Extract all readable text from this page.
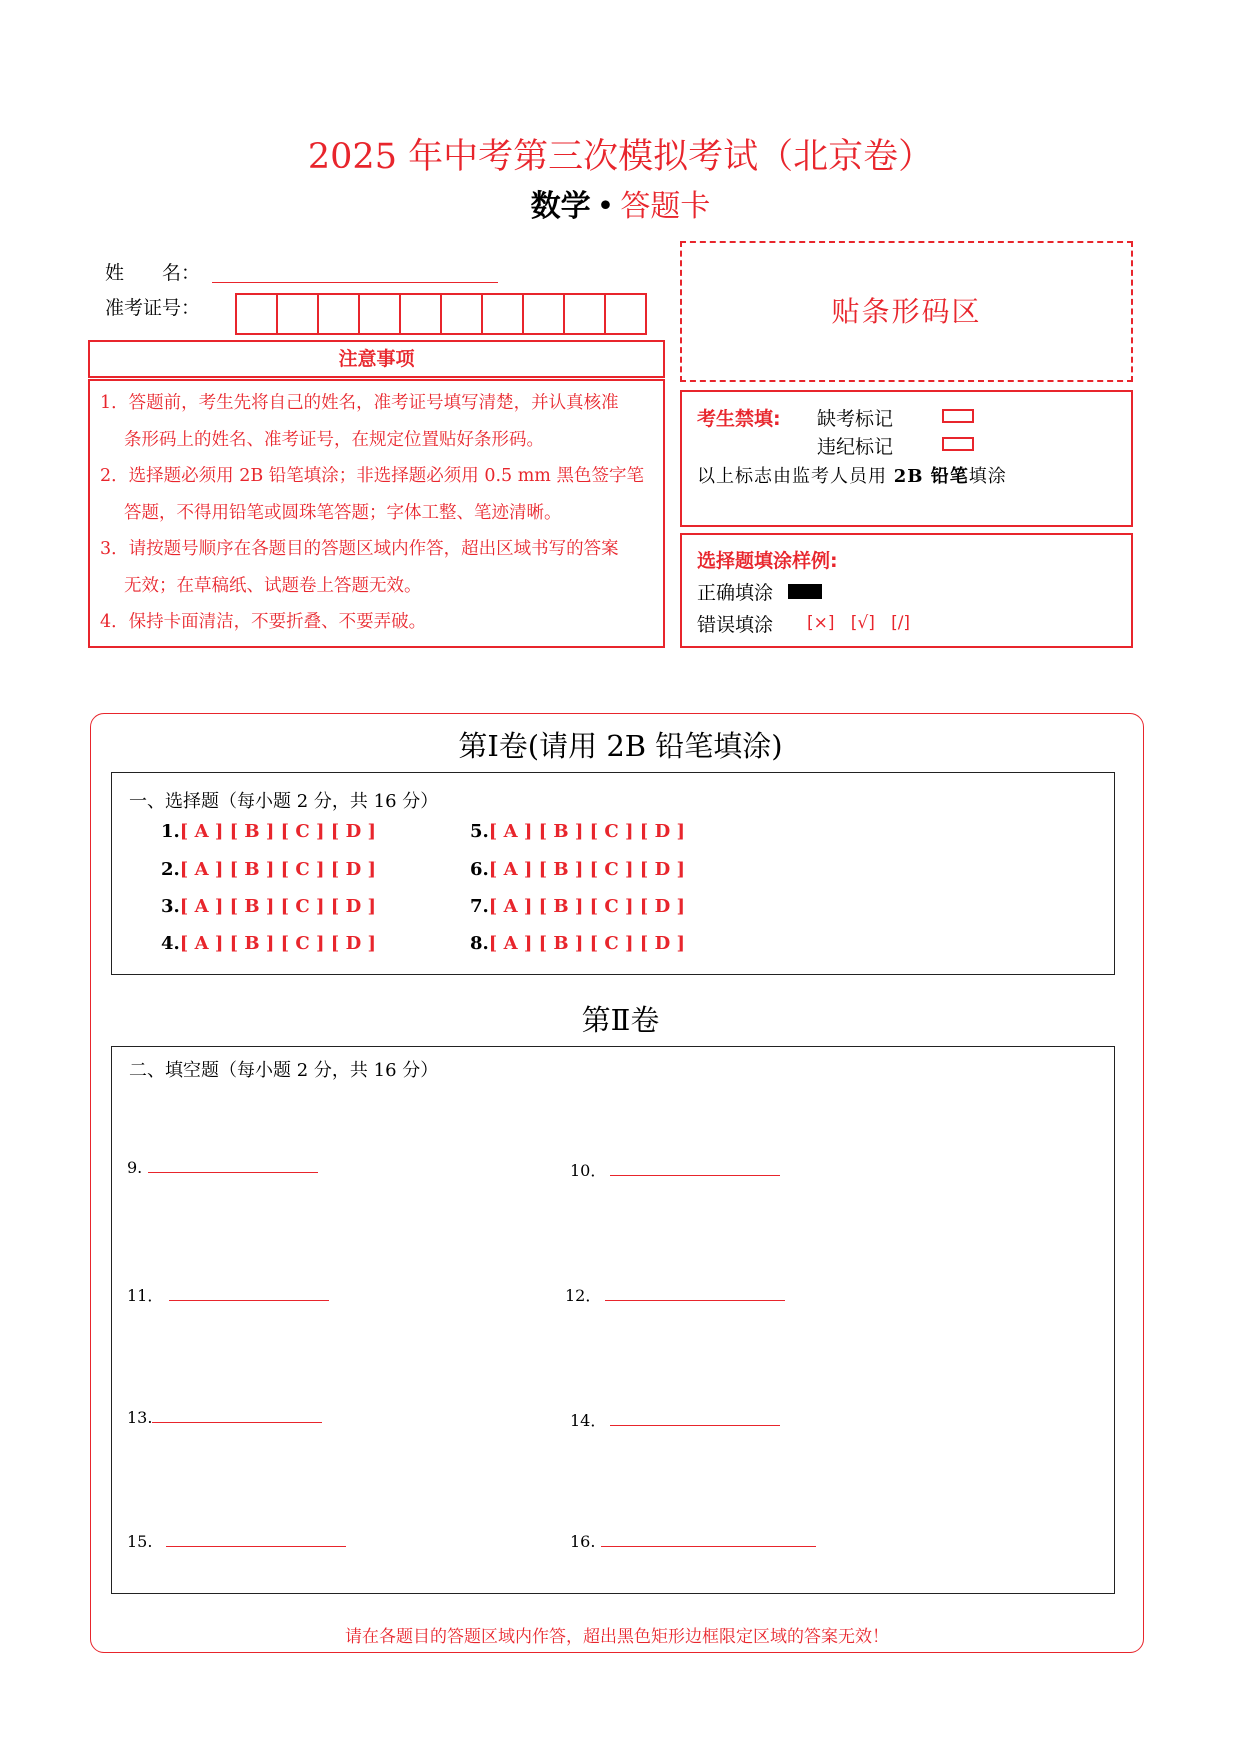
2025 年中考第三次模拟考试（北京卷）
数学 • 答题卡
姓　　名：
准考证号：
注意事项
1．答题前，考生先将自己的姓名，准考证号填写清楚，并认真核准
条形码上的姓名、准考证号，在规定位置贴好条形码。
2．选择题必须用 2B 铅笔填涂；非选择题必须用 0.5 mm 黑色签字笔
答题，不得用铅笔或圆珠笔答题；字体工整、笔迹清晰。
3．请按题号顺序在各题目的答题区域内作答，超出区域书写的答案
无效；在草稿纸、试题卷上答题无效。
4．保持卡面清洁，不要折叠、不要弄破。
贴条形码区
考生禁填: 缺考标记
违纪标记
以上标志由监考人员用 2B 铅笔填涂
选择题填涂样例:
正确填涂
错误填涂 [×] [√] [/]
第Ⅰ卷(请用 2B 铅笔填涂)
一、选择题（每小题 2 分，共 16 分）
1.[ A ] [ B ] [ C ] [ D ]
2.[ A ] [ B ] [ C ] [ D ]
3.[ A ] [ B ] [ C ] [ D ]
4.[ A ] [ B ] [ C ] [ D ]
5.[ A ] [ B ] [ C ] [ D ]
6.[ A ] [ B ] [ C ] [ D ]
7.[ A ] [ B ] [ C ] [ D ]
8.[ A ] [ B ] [ C ] [ D ]
第Ⅱ卷
二、填空题（每小题 2 分，共 16 分）
9.	10．
11．	12．
13.	14．
15.	16.
请在各题目的答题区域内作答，超出黑色矩形边框限定区域的答案无效！
